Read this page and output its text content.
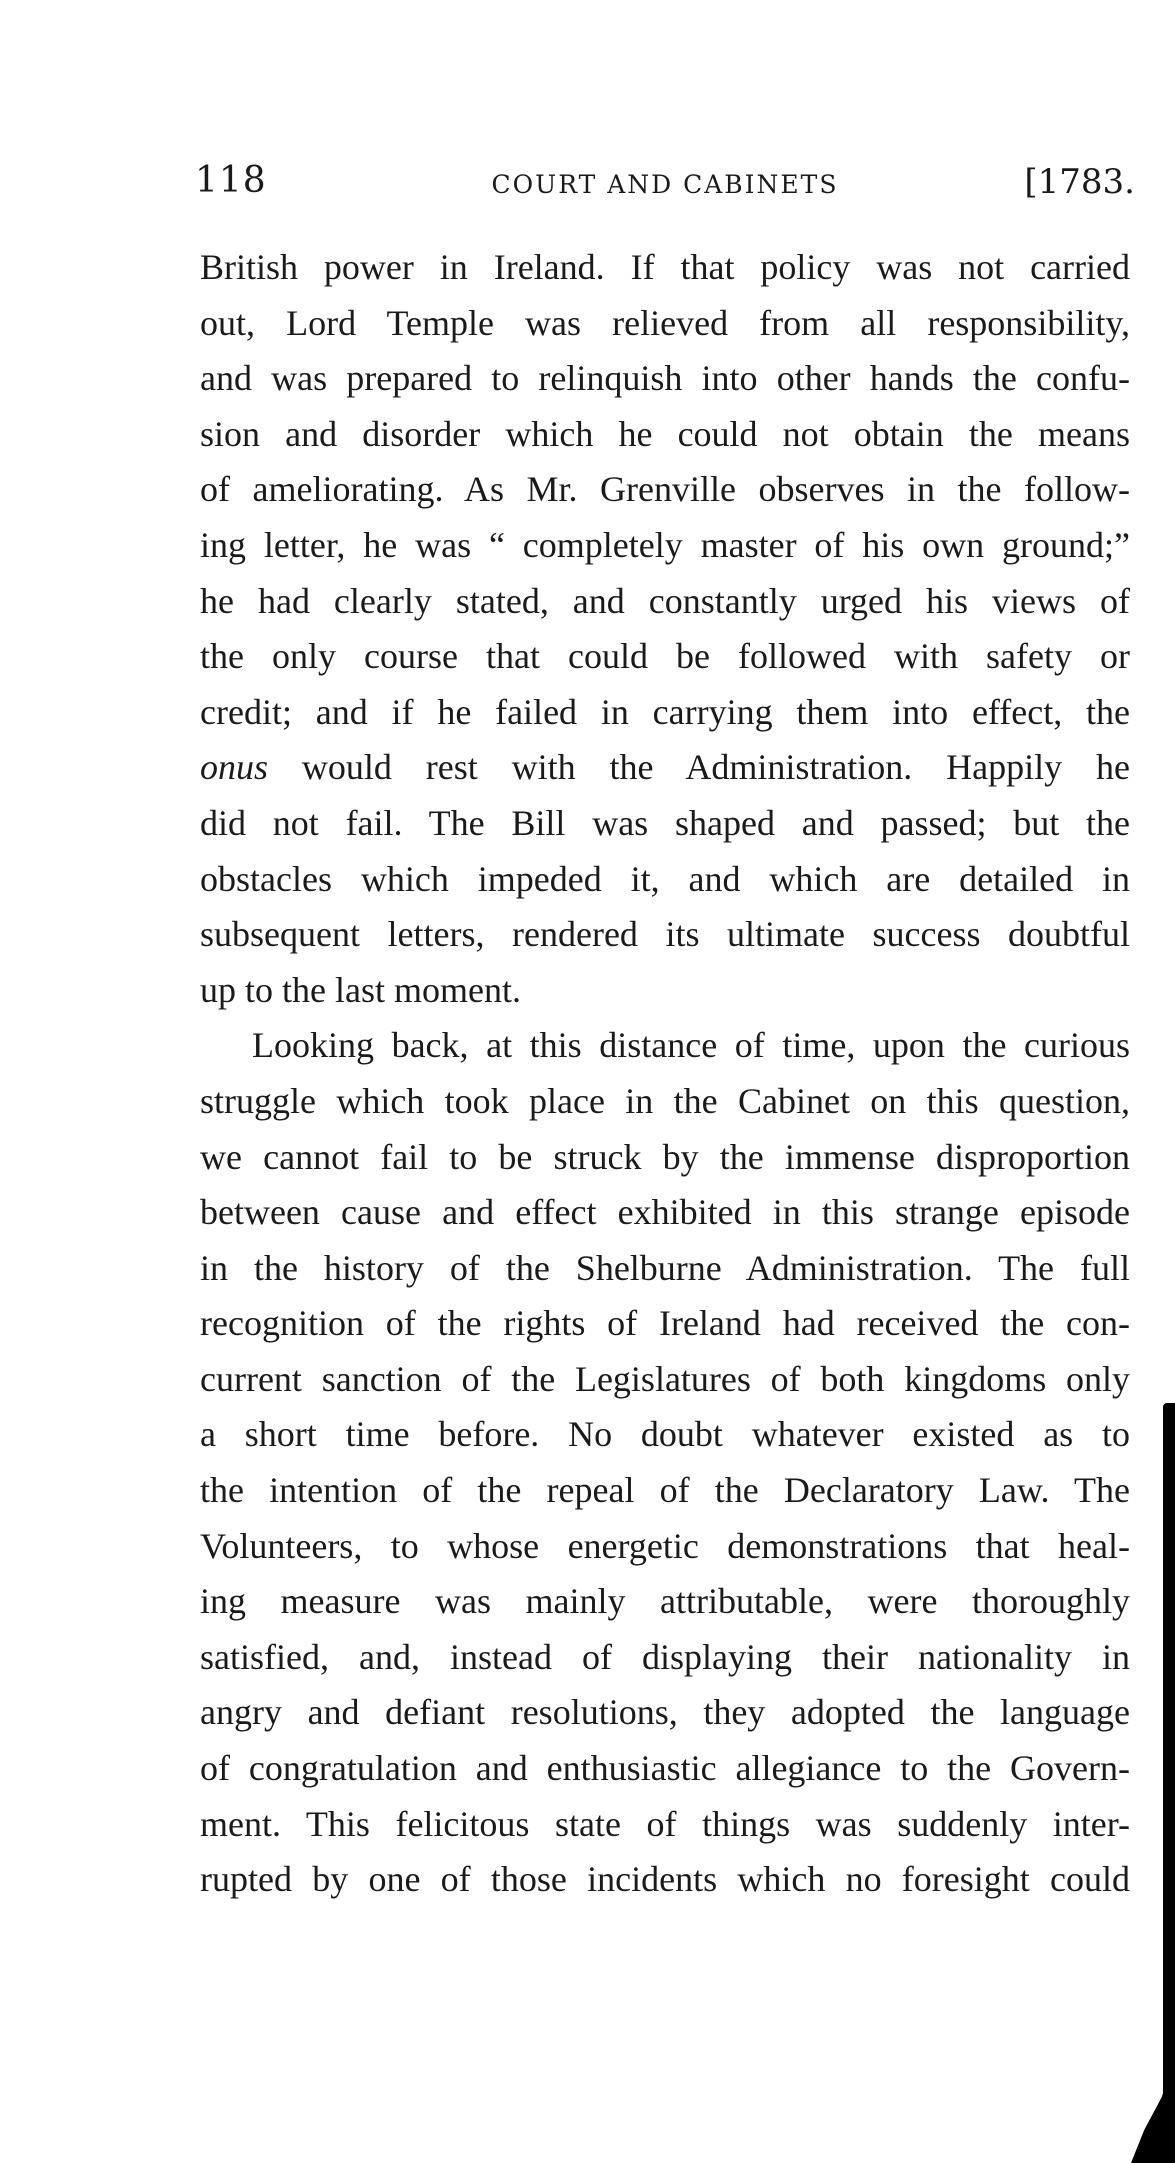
118	COURT AND CABINETS	[1783.
British power in Ireland. If that policy was not carried
out, Lord Temple was relieved from all responsibility,
and was prepared to relinquish into other hands the confu-
sion and disorder which he could not obtain the means
of ameliorating. As Mr. Grenville observes in the follow-
ing letter, he was “ completely master of his own ground;”
he had clearly stated, and constantly urged his views of
the only course that could be followed with safety or
credit; and if he failed in carrying them into effect, the
onus would rest with the Administration. Happily he
did not fail. The Bill was shaped and passed; but the
obstacles which impeded it, and which are detailed in
subsequent letters, rendered its ultimate success doubtful
up to the last moment.
Looking back, at this distance of time, upon the curious
struggle which took place in the Cabinet on this question,
we cannot fail to be struck by the immense disproportion
between cause and effect exhibited in this strange episode
in the history of the Shelburne Administration. The full
recognition of the rights of Ireland had received the con-
current sanction of the Legislatures of both kingdoms only
a short time before. No doubt whatever existed as to
the intention of the repeal of the Declaratory Law. The
Volunteers, to whose energetic demonstrations that heal-
ing measure was mainly attributable, were thoroughly
satisfied, and, instead of displaying their nationality in
angry and defiant resolutions, they adopted the language
of congratulation and enthusiastic allegiance to the Govern-
ment. This felicitous state of things was suddenly inter-
rupted by one of those incidents which no foresight could
